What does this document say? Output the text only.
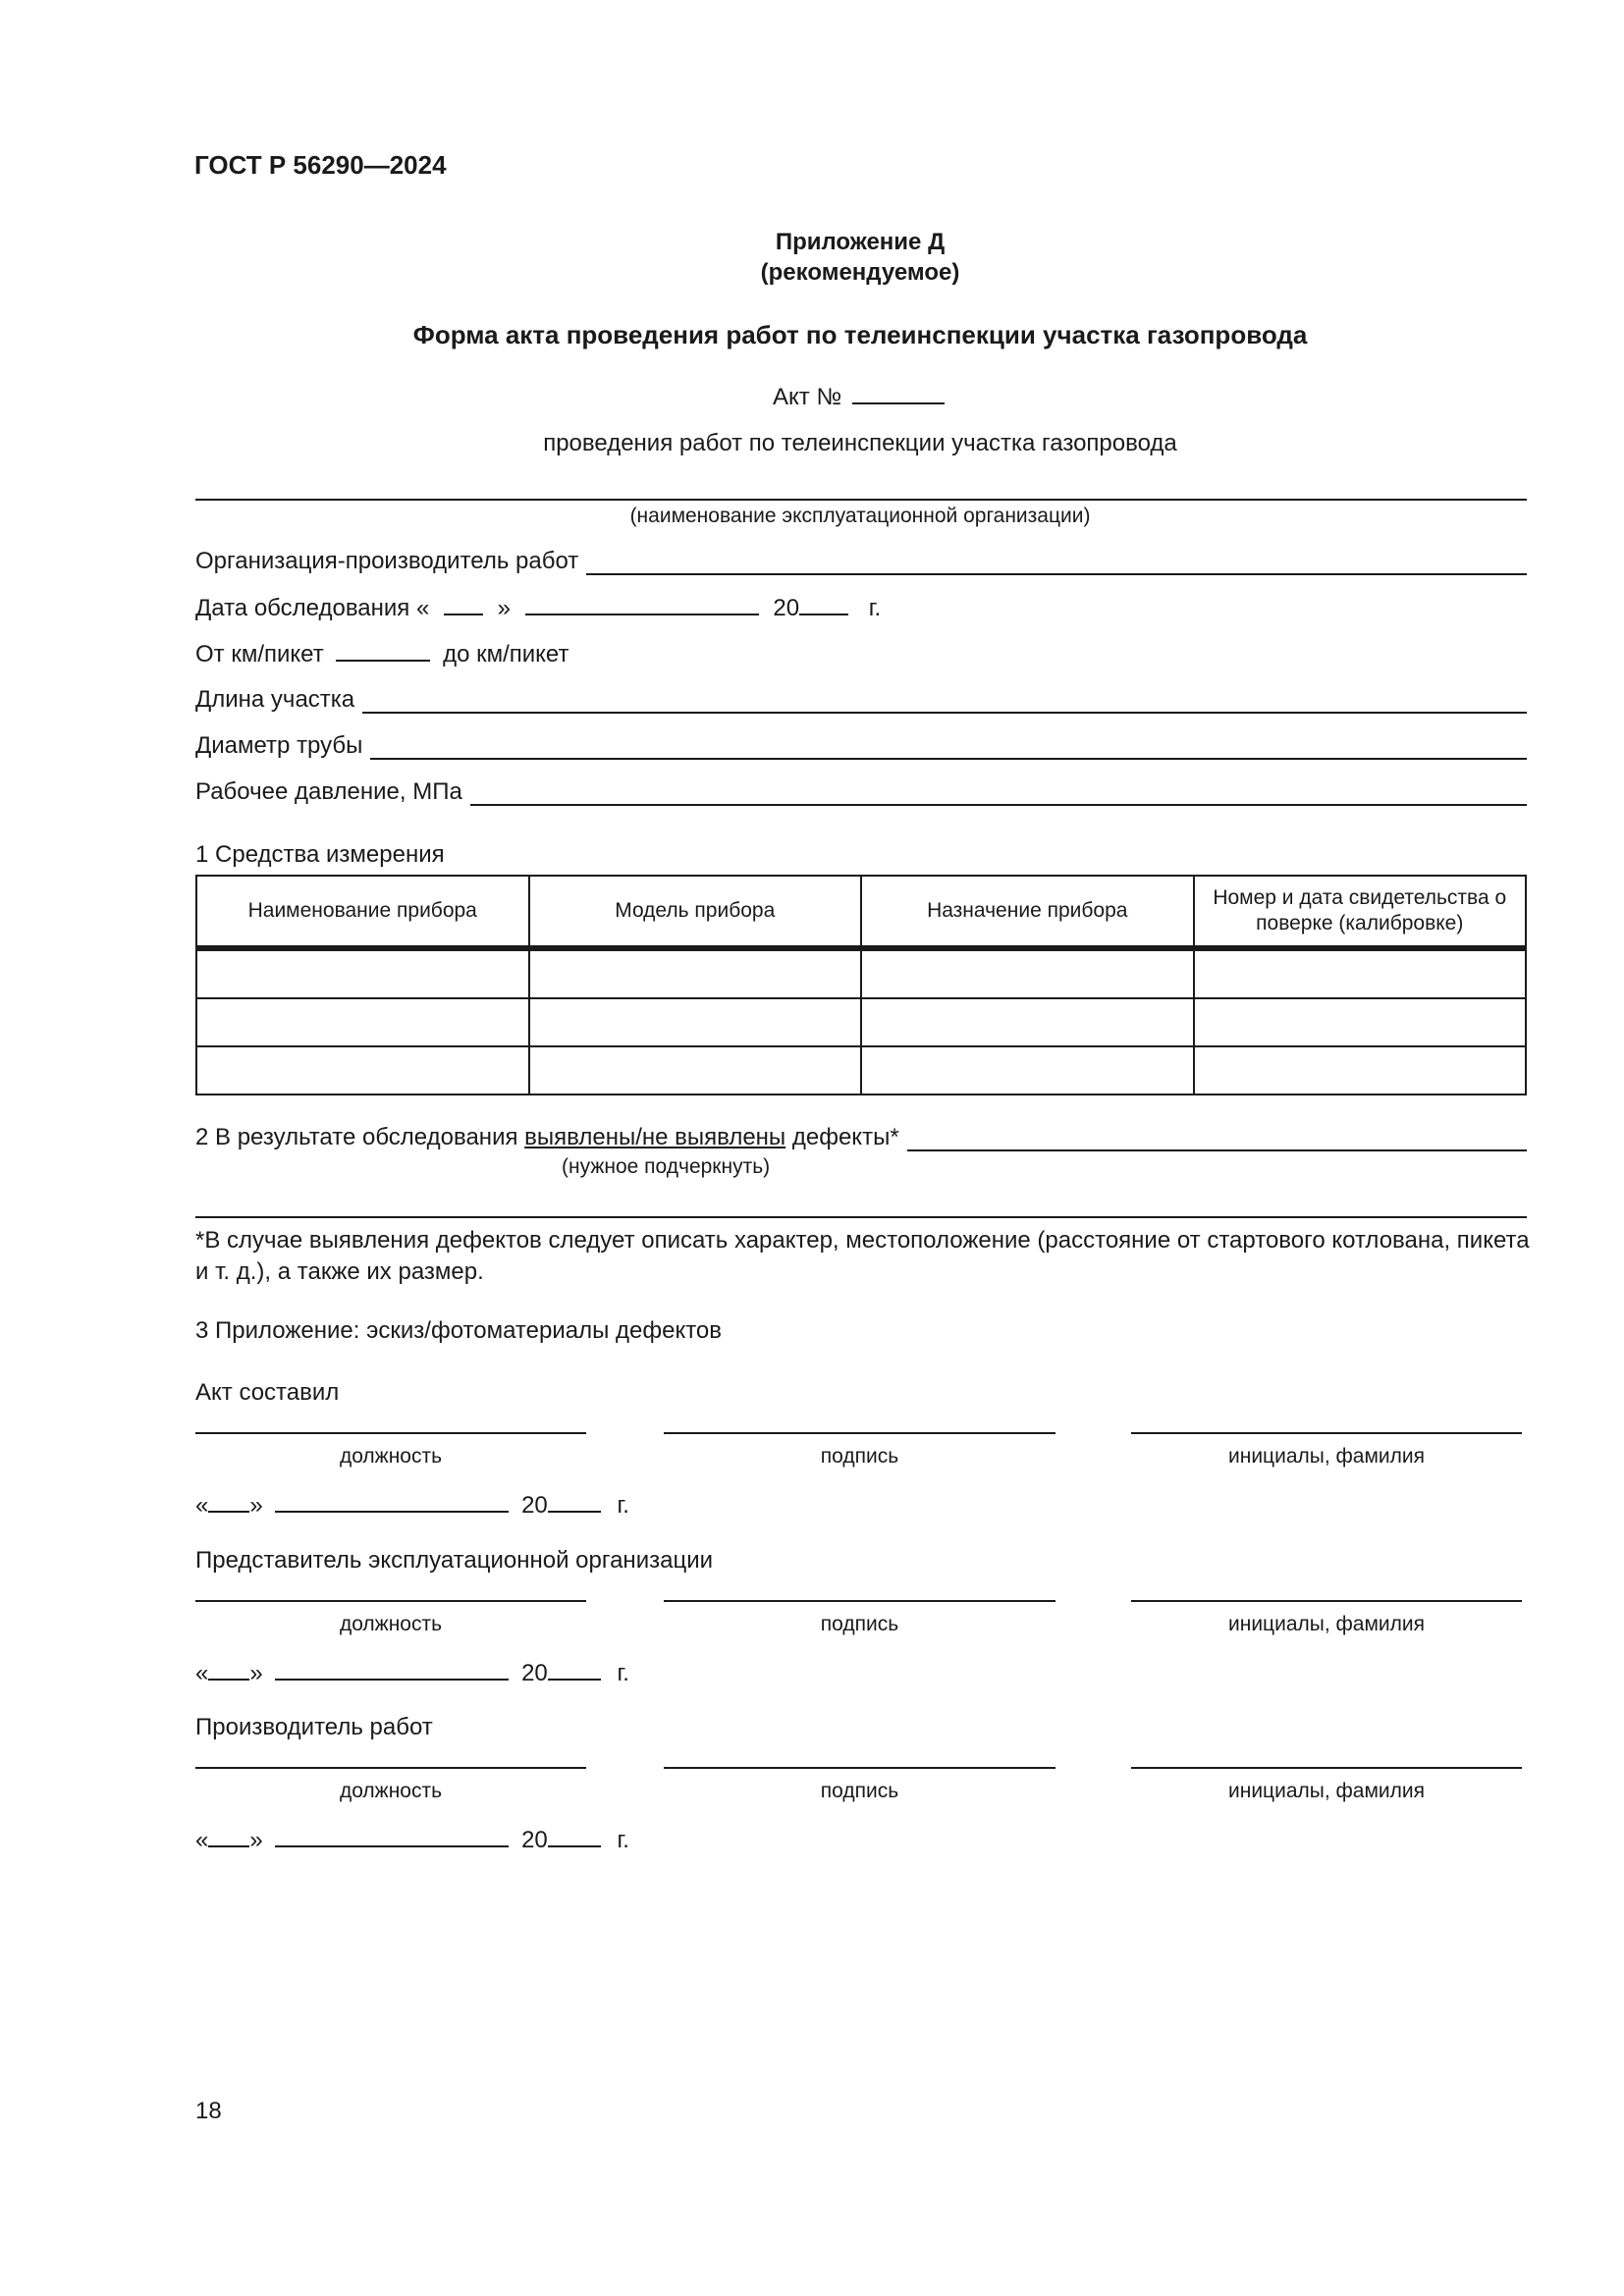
ГОСТ Р 56290—2024
Приложение Д
(рекомендуемое)
Форма акта проведения работ по телеинспекции участка газопровода
Акт №
проведения работ по телеинспекции участка газопровода
(наименование эксплуатационной организации)
Организация-производитель работ
Дата обследования «	»	20	г.
От км/пикет	до км/пикет
Длина участка
Диаметр трубы
Рабочее давление, МПа
1 Средства измерения
Наименование прибора	Модель прибора	Назначение прибора	Номер и дата свидетельства о поверке (калибровке)

2 В результате обследования выявлены/не выявлены дефекты*
(нужное подчеркнуть)
*В случае выявления дефектов следует описать характер, местоположение (расстояние от стартового котлована, пикета и т. д.), а также их размер.
3 Приложение: эскиз/фотоматериалы дефектов
Акт составил
должность	подпись	инициалы, фамилия
« »	20	г.
Представитель эксплуатационной организации
должность	подпись	инициалы, фамилия
« »	20	г.
Производитель работ
должность	подпись	инициалы, фамилия
« »	20	г.
18
